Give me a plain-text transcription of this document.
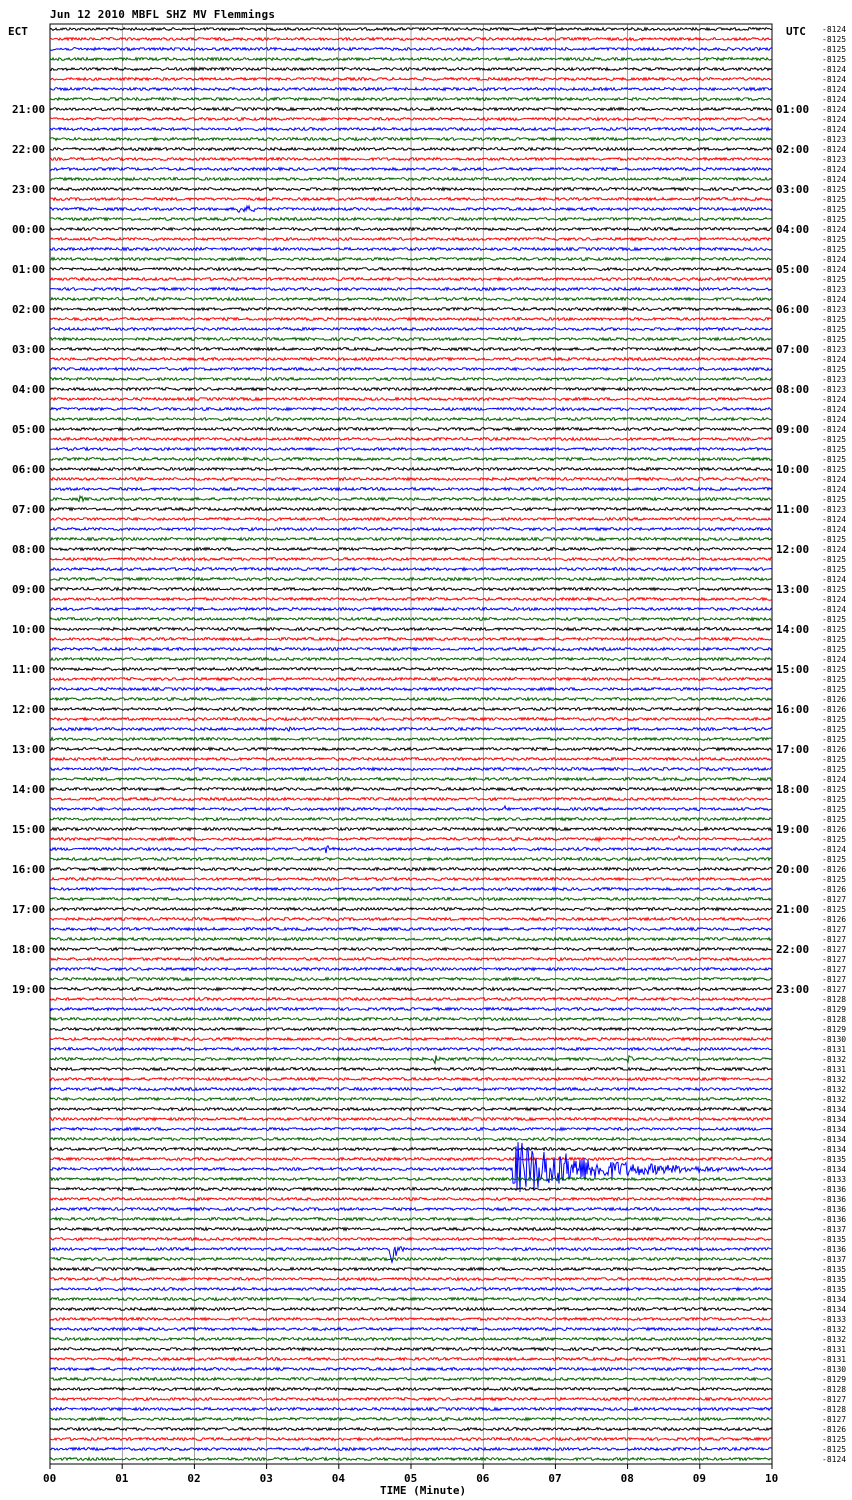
Jun 12 2010 MBFL SHZ MV Flemmings
21:00
22:00
23:00
00:00
01:00
02:00
03:00
04:00
05:00
06:00
07:00
08:00
09:00
10:00
11:00
12:00
13:00
14:00
15:00
16:00
17:00
18:00
19:00
01:00
02:00
03:00
04:00
05:00
06:00
07:00
08:00
09:00
10:00
11:00
12:00
13:00
14:00
15:00
16:00
17:00
18:00
19:00
20:00
21:00
22:00
23:00
-8124
-8125
-8125
-8125
-8124
-8124
-8124
-8124
-8124
-8124
-8124
-8123
-8124
-8123
-8124
-8124
-8125
-8125
-8125
-8125
-8124
-8125
-8125
-8124
-8124
-8125
-8123
-8124
-8123
-8125
-8125
-8125
-8123
-8124
-8125
-8123
-8123
-8124
-8124
-8124
-8124
-8125
-8125
-8125
-8125
-8124
-8124
-8125
-8123
-8124
-8124
-8125
-8124
-8125
-8125
-8124
-8125
-8124
-8124
-8125
-8125
-8125
-8125
-8124
-8125
-8125
-8125
-8126
-8126
-8125
-8125
-8125
-8126
-8125
-8125
-8124
-8125
-8125
-8125
-8125
-8126
-8125
-8124
-8125
-8126
-8125
-8126
-8127
-8125
-8126
-8127
-8127
-8127
-8127
-8127
-8127
-8127
-8128
-8129
-8128
-8129
-8130
-8131
-8132
-8131
-8132
-8132
-8132
-8134
-8134
-8134
-8134
-8134
-8135
-8134
-8133
-8136
-8136
-8136
-8136
-8137
-8135
-8136
-8137
-8135
-8135
-8135
-8134
-8134
-8133
-8132
-8132
-8131
-8131
-8130
-8129
-8128
-8127
-8128
-8127
-8126
-8125
-8125
-8124
00	01	02	03	04	05	06	07	08	09	10
ECT	UTC
TIME (Minute)
